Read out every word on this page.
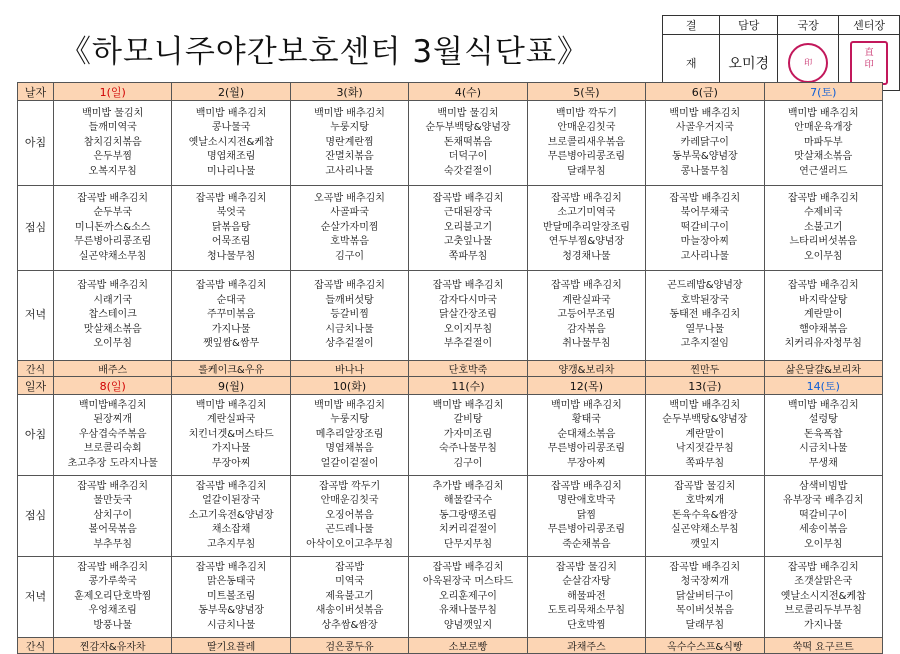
《하모니주야간보호센터 3월식단표》
결	담당	국장	센터장
재	오미경	印	直
印
날자	1(일)	2(월)	3(화)	4(수)	5(목)	6(금)	7(토)
아침	백미밥 물김치
들깨미역국
참치김치볶음
은두부찜
오복지무침	백미밥 배추김치
콩나물국
옛날소시지전&케찹
명엽채조림
미나리나물	백미밥 배추김치
누룽지탕
명란계란찜
잔멸치볶음
고사리나물	백미밥 물김치
순두부백탕&양념장
돈채떡볶음
더덕구이
숙갓겉절이	백미밥 깍두기
안매운김칫국
브로콜리새우볶음
무른병아리콩조림
달래무침	백미밥 배추김치
사골우거지국
카레닭구이
동부묵&양념장
콩나물무침	백미밥 배추김치
안매운육개장
마파두부
맛살채소볶음
연근샐러드

점심	잡곡밥 배추김치
순두부국
미니돈까스&소스
무른병아리콩조림
실곤약채소무침	잡곡밥 배추김치
북엇국
닭볶음탕
어묵조림
청나물무침	오곡밥 배추김치
사골파국
순살가자미찜
호박볶음
김구이	잡곡밥 배추김치
근대된장국
오리불고기
고춧잎나물
쪽파무침	잡곡밥 배추김치
소고기미역국
반달메추리알장조림
연두부찜&양념장
청경채나물	잡곡밥 배추김치
북어무채국
떡갈비구이
마늘장아찌
고사리나물	잡곡밥 배추김치
수제비국
소불고기
느타리버섯볶음
오이무침

저녁	잡곡밥 배추김치
시래기국
찹스테이크
맛살채소볶음
오이무침	잡곡밥 배추김치
순대국
주꾸미볶음
가지나물
쨋잎쌈&쌈무	잡곡밥 배추김치
들깨버섯탕
등갈비찜
시금치나물
상추겉절이	잡곡밥 배추김치
감자다시마국
닭살간장조림
오이지무침
부추겉절이	잡곡밥 배추김치
계란실파국
고등어무조림
감자볶음
취나물무침	곤드레밥&양념장
호박된장국
동태전 배추김치
열무나물
고추지절임	잡곡밥 배추김치
바지락살탕
계란말이
햄야채볶음
치커리유자청무침

간식	배주스	롤케이크&우유	바나나	단호박죽	양갱&보리차	찐만두	삶은달걀&보리차
일자	8(일)	9(월)	10(화)	11(수)	12(목)	13(금)	14(토)
아침	백미밥배추김치
된장찌개
우삼겹숙주볶음
브로콜리숙회
초고추장 도라지나물	백미밥 배추김치
계란실파국
치킨너겟&머스타드
가지나물
무장아찌	백미밥 배추김치
누룽지탕
메추리알장조림
명엽채볶음
얼갈이겉절이	백미밥 배추김치
갈비탕
가자미조림
숙주나물무침
김구이	백미밥 배추김치
황태국
순대채소볶음
무른병아리콩조림
무장아찌	백미밥 배추김치
순두부백탕&양념장
계란말이
낙지젓갈무침
쪽파무침	백미밥 배추김치
설렁탕
돈육폭찹
시금치나물
무생채

점심	잡곡밥 배추김치
물만둣국
삼치구이
볼어묵볶음
부추무침	잡곡밥 배추김치
얼갈이된장국
소고기육전&양념장
채소잡채
고추지무침	잡곡밥 깍두기
안매운김칫국
오징어볶음
곤드레나물
아삭이오이고추무침	추가밥 배추김치
해물칼국수
동그랑땡조림
치커리겉절이
단무지무침	잡곡밥 배추김치
명란애호박국
닭찜
무른병아리콩조림
죽순채볶음	잡곡밥 물김치
호박찌개
돈육수육&쌈장
실곤약채소무침
깻잎지	삼색비빔밥
유부장국 배추김치
떡갈비구이
세송이볶음
오이무침

저녁	잡곡밥 배추김치
콩가루쑥국
훈제오리단호박찜
우엉채조림
방풍나물	잡곡밥 배추김치
맑은동태국
미트볼조림
동부묵&양념장
시금치나물	잡곡밥
미역국
제육불고기
새송이버섯볶음
상추쌈&쌈장	잡곡밥 배추김치
아욱된장국 머스타드
오리훈제구이
유채나물무침
양념깻잎지	잡곡밥 물김치
순살감자탕
해물파전
도토리묵채소무침
단호박찜	잡곡밥 배추김치
청국장찌개
닭살버터구이
목이버섯볶음
달래무침	잡곡밥 배추김치
조갯살맑은국
옛날소시지전&케찹
브로콜리두부무침
가지나물

간식	찐감자&유자차	딸기요플레	검은콩두유	소보로빵	과채주스	옥수수스프&식빵	쑥떡 요구르트
